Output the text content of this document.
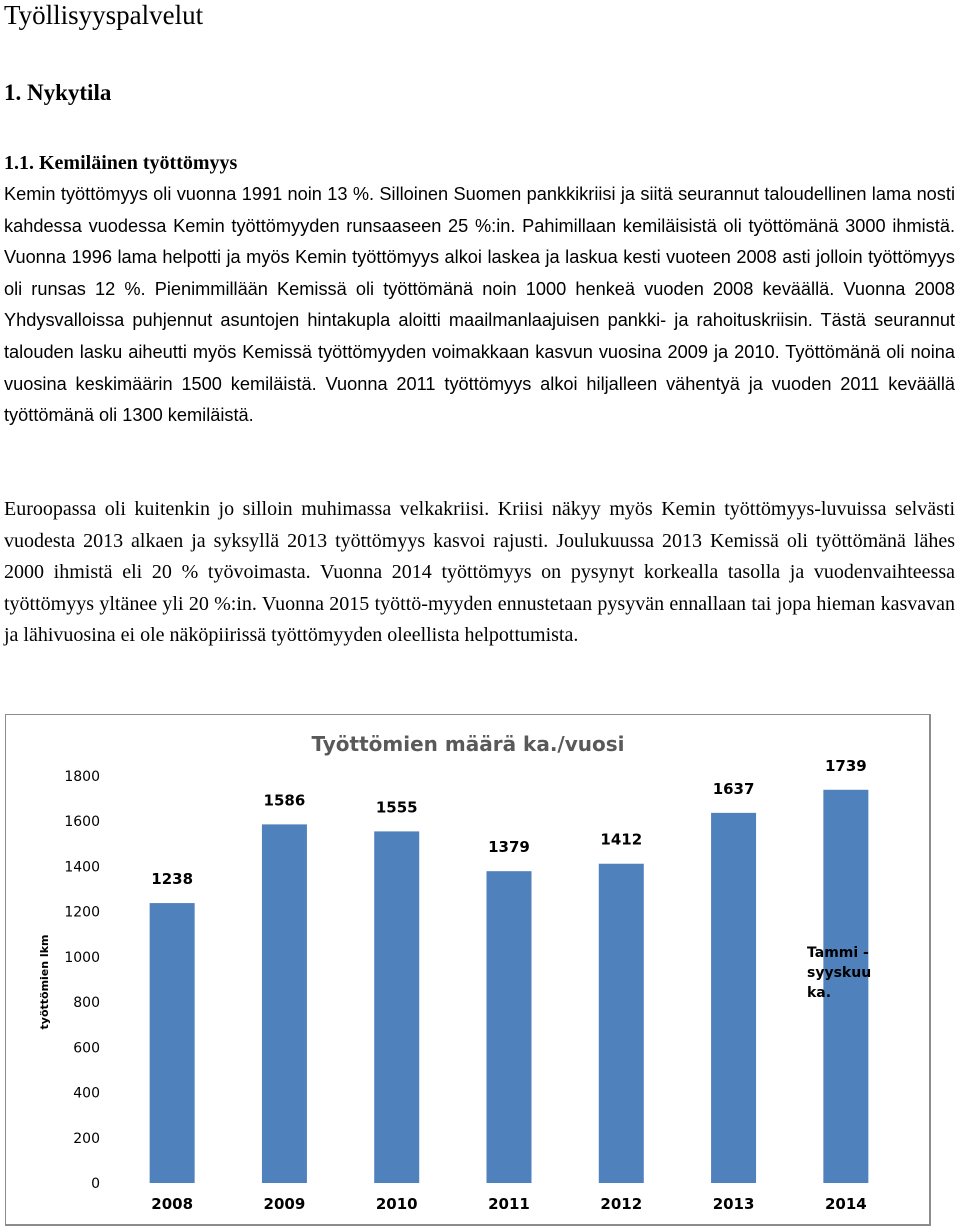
Työllisyyspalvelut
1. Nykytila
1.1. Kemiläinen työttömyys

Kemin työttömyys oli vuonna 1991 noin 13 %. Silloinen Suomen pankkikriisi ja siitä seurannut taloudellinen lama nosti kahdessa vuodessa Kemin työttömyyden runsaaseen 25 %:in. Pahimillaan kemiläisistä oli työttömänä 3000 ihmistä. Vuonna 1996 lama helpotti ja myös Kemin työttömyys alkoi laskea ja laskua kesti vuoteen 2008 asti jolloin työttömyys oli runsas 12 %. Pienimmillään Kemissä oli työttömänä noin 1000 henkeä vuoden 2008 keväällä. Vuonna 2008 Yhdysvalloissa puhjennut asuntojen hintakupla aloitti maailmanlaajuisen pankki- ja rahoituskriisin. Tästä seurannut talouden lasku aiheutti myös Kemissä työttömyyden voimakkaan kasvun vuosina 2009 ja 2010. Työttömänä oli noina vuosina keskimäärin 1500 kemiläistä. Vuonna 2011 työttömyys alkoi hiljalleen vähentyä ja vuoden 2011 keväällä työttömänä oli 1300 kemiläistä.

Euroopassa oli kuitenkin jo silloin muhimassa velkakriisi. Kriisi näkyy myös Kemin työttömyys-luvuissa selvästi vuodesta 2013 alkaen ja syksyllä 2013 työttömyys kasvoi rajusti. Joulukuussa 2013 Kemissä oli työttömänä lähes 2000 ihmistä eli 20 % työvoimasta. Vuonna 2014 työttömyys on pysynyt korkealla tasolla ja vuodenvaihteessa työttömyys yltänee yli 20 %:in. Vuonna 2015 työttö-myyden ennustetaan pysyvän ennallaan tai jopa hieman kasvavan ja lähivuosina ei ole näköpiirissä työttömyyden oleellista helpottumista.

Työttömien määrä ka./vuosi
työttömien lkm
0
200
400
600
800
1000
1200
1400
1600
1800
1238
1586	1555
1379	1412
1637
1739
2008	2009	2010	2011	2012	2013	2014
Tammi -
syyskuu
ka.
